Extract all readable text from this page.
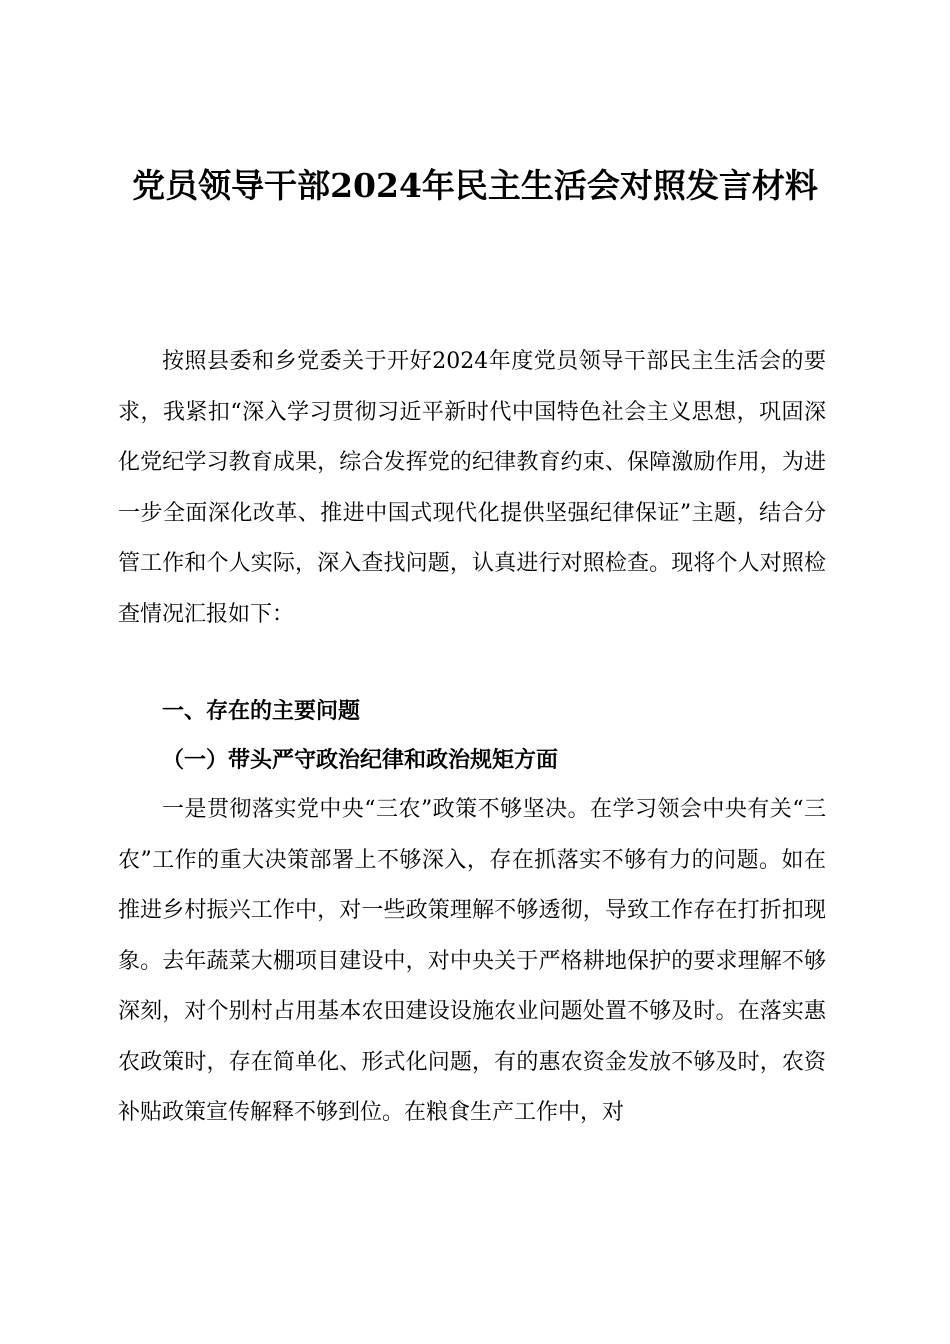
党员领导干部2024年民主生活会对照发言材料

按照县委和乡党委关于开好2024年度党员领导干部民主生活会的要求，我紧扣“深入学习贯彻习近平新时代中国特色社会主义思想，巩固深化党纪学习教育成果，综合发挥党的纪律教育约束、保障激励作用，为进一步全面深化改革、推进中国式现代化提供坚强纪律保证”主题，结合分管工作和个人实际，深入查找问题，认真进行对照检查。现将个人对照检查情况汇报如下：

一、存在的主要问题
（一）带头严守政治纪律和政治规矩方面

一是贯彻落实党中央“三农”政策不够坚决。在学习领会中央有关“三农”工作的重大决策部署上不够深入，存在抓落实不够有力的问题。如在推进乡村振兴工作中，对一些政策理解不够透彻，导致工作存在打折扣现象。去年蔬菜大棚项目建设中，对中央关于严格耕地保护的要求理解不够深刻，对个别村占用基本农田建设设施农业问题处置不够及时。在落实惠农政策时，存在简单化、形式化问题，有的惠农资金发放不够及时，农资补贴政策宣传解释不够到位。在粮食生产工作中，对
